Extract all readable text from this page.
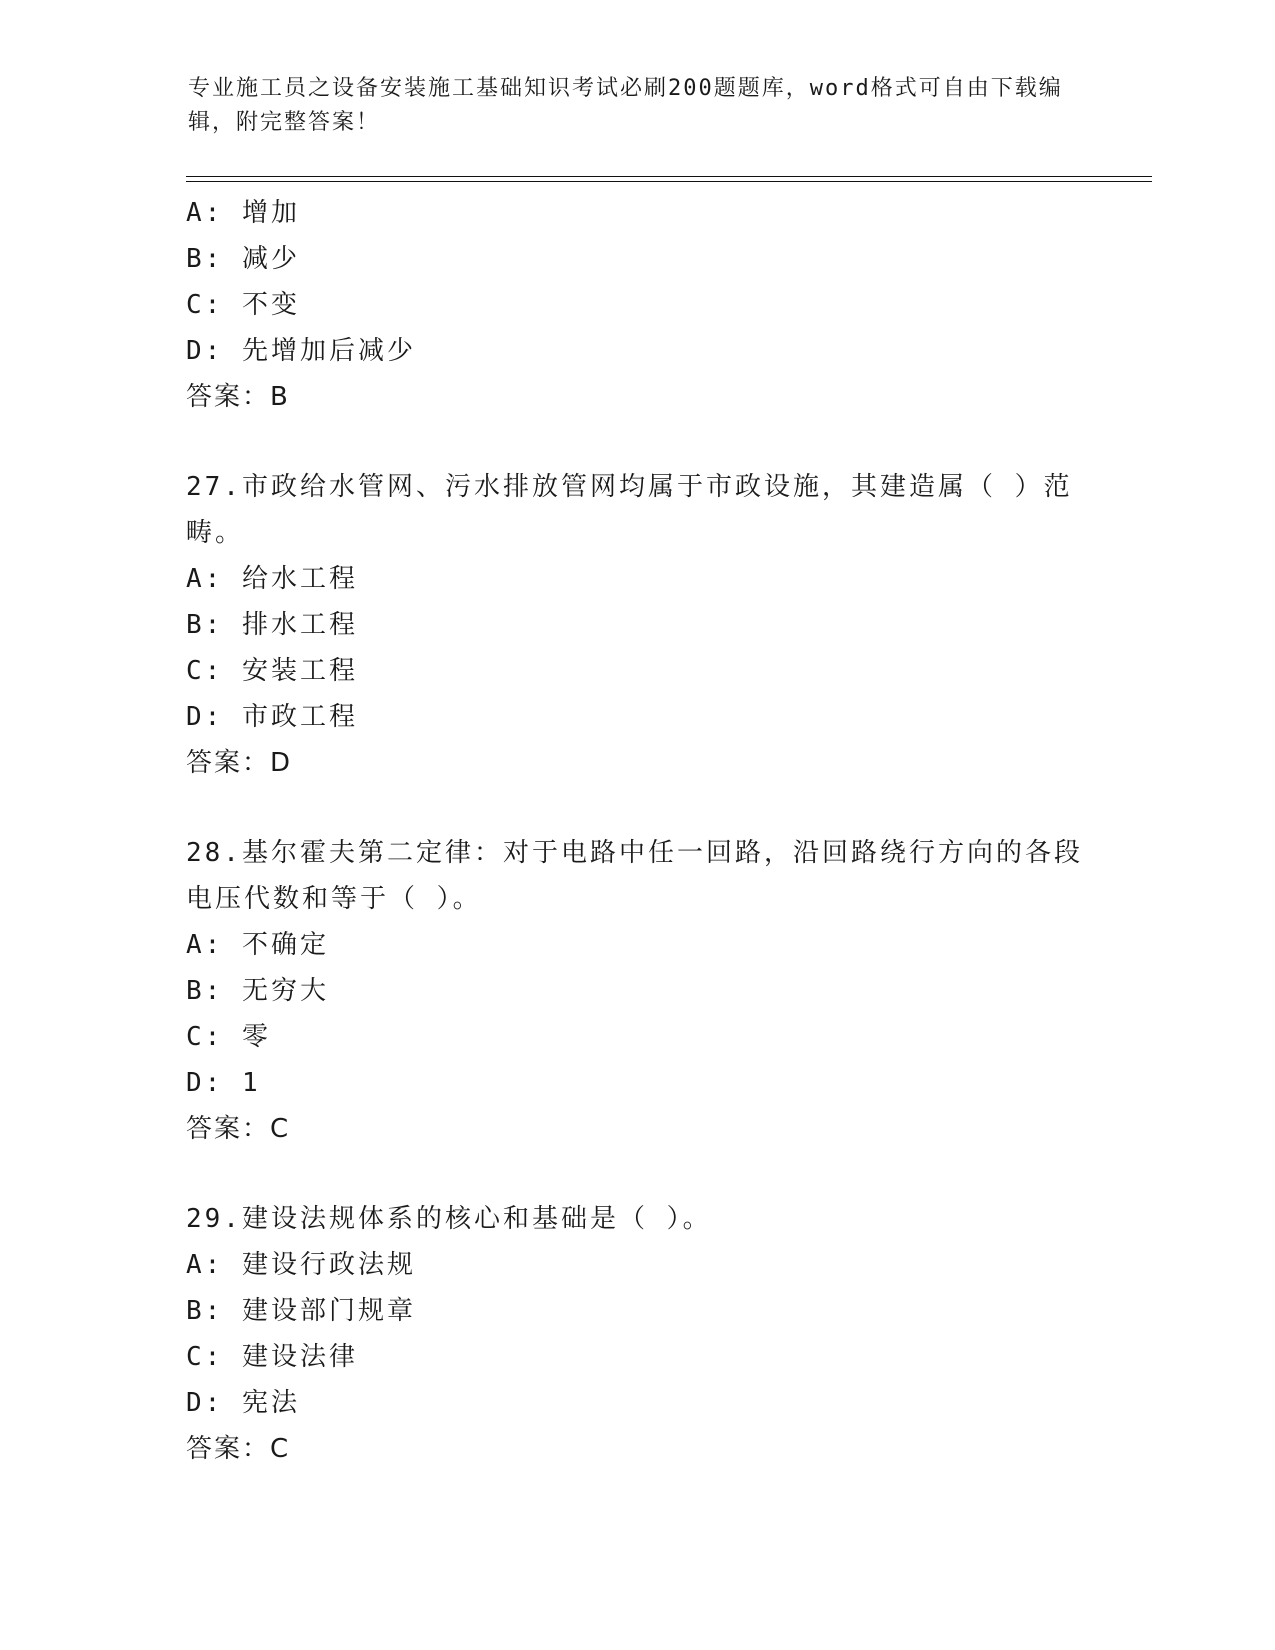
专业施工员之设备安装施工基础知识考试必刷200题题库，word格式可自由下载编辑，附完整答案！
A: 增加
B: 减少
C: 不变
D: 先增加后减少
答案：B
27.市政给水管网、污水排放管网均属于市政设施，其建造属（ ）范畴。
A: 给水工程
B: 排水工程
C: 安装工程
D: 市政工程
答案：D
28.基尔霍夫第二定律：对于电路中任一回路，沿回路绕行方向的各段电压代数和等于（ ）。
A: 不确定
B: 无穷大
C: 零
D: 1
答案：C
29.建设法规体系的核心和基础是（ ）。
A: 建设行政法规
B: 建设部门规章
C: 建设法律
D: 宪法
答案：C
